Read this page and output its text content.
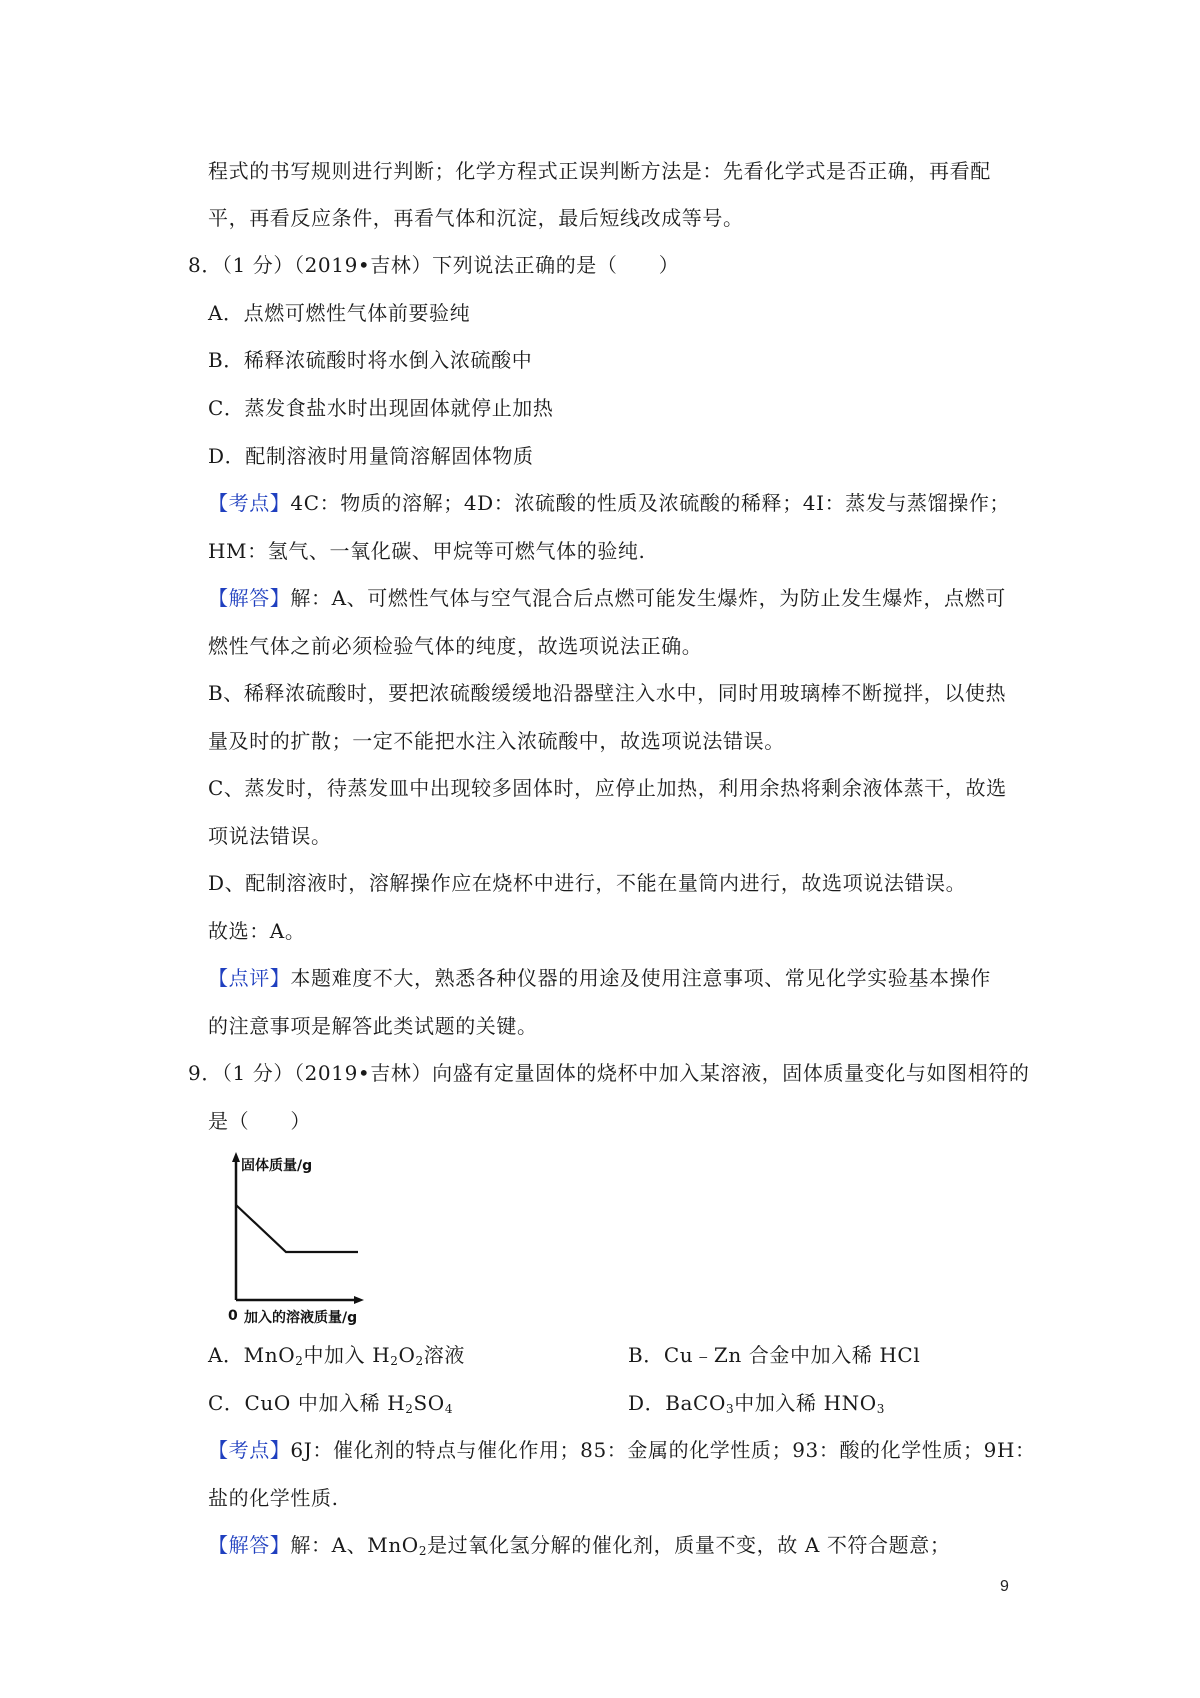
程式的书写规则进行判断；化学方程式正误判断方法是：先看化学式是否正确，再看配
平，再看反应条件，再看气体和沉淀，最后短线改成等号。
8．（1 分）（2019•吉林）下列说法正确的是（　　）
A．点燃可燃性气体前要验纯
B．稀释浓硫酸时将水倒入浓硫酸中
C．蒸发食盐水时出现固体就停止加热
D．配制溶液时用量筒溶解固体物质
【考点】4C：物质的溶解；4D：浓硫酸的性质及浓硫酸的稀释；4I：蒸发与蒸馏操作；
HM：氢气、一氧化碳、甲烷等可燃气体的验纯.
【解答】解：A、可燃性气体与空气混合后点燃可能发生爆炸，为防止发生爆炸，点燃可
燃性气体之前必须检验气体的纯度，故选项说法正确。
B、稀释浓硫酸时，要把浓硫酸缓缓地沿器壁注入水中，同时用玻璃棒不断搅拌，以使热
量及时的扩散；一定不能把水注入浓硫酸中，故选项说法错误。
C、蒸发时，待蒸发皿中出现较多固体时，应停止加热，利用余热将剩余液体蒸干，故选
项说法错误。
D、配制溶液时，溶解操作应在烧杯中进行，不能在量筒内进行，故选项说法错误。
故选：A。
【点评】本题难度不大，熟悉各种仪器的用途及使用注意事项、常见化学实验基本操作
的注意事项是解答此类试题的关键。
9．（1 分）（2019•吉林）向盛有定量固体的烧杯中加入某溶液，固体质量变化与如图相符的
是（　　）
固体质量/g
0 加入的溶液质量/g
A．MnO$_2$中加入 $H_2O_2$溶液	B．Cu﹣Zn 合金中加入稀 HCl
C．CuO 中加入稀 $H_2SO_4$	D．BaCO$_3$中加入稀 $HNO_3$
【考点】6J：催化剂的特点与催化作用；85：金属的化学性质；93：酸的化学性质；9H：
盐的化学性质.
【解答】解：A、MnO$_2$是过氧化氢分解的催化剂，质量不变，故 A 不符合题意；
9
